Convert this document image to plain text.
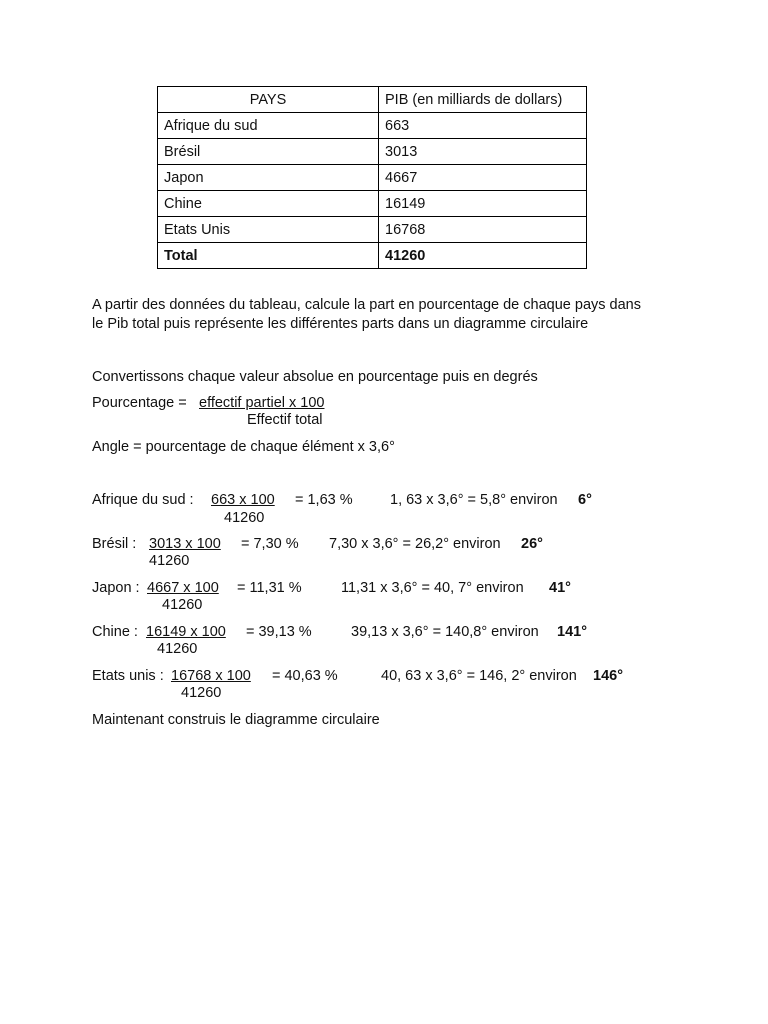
PAYS	PIB (en milliards de dollars)
Afrique du sud	663
Brésil	3013
Japon	4667
Chine	16149
Etats Unis	16768
Total	41260
A partir des données du tableau, calcule la part en pourcentage de chaque pays dans
le Pib total puis représente les différentes parts dans un diagramme circulaire
Convertissons chaque valeur absolue en pourcentage puis en degrés
Pourcentage = effectif partiel x 100
Effectif total
Angle = pourcentage de chaque élément x 3,6°
Afrique du sud : 663 x 100 = 1,63 %	1, 63 x 3,6° = 5,8° environ 6°
41260
Brésil : 3013 x 100 = 7,30 % 7,30 x 3,6° = 26,2° environ 26°
41260
Japon : 4667 x 100 = 11,31 %	11,31 x 3,6° = 40, 7° environ 41°
41260
Chine : 16149 x 100 = 39,13 %	39,13 x 3,6° = 140,8° environ 141°
41260
Etats unis : 16768 x 100 = 40,63 %	40, 63 x 3,6° = 146, 2° environ 146°
41260
Maintenant construis le diagramme circulaire
